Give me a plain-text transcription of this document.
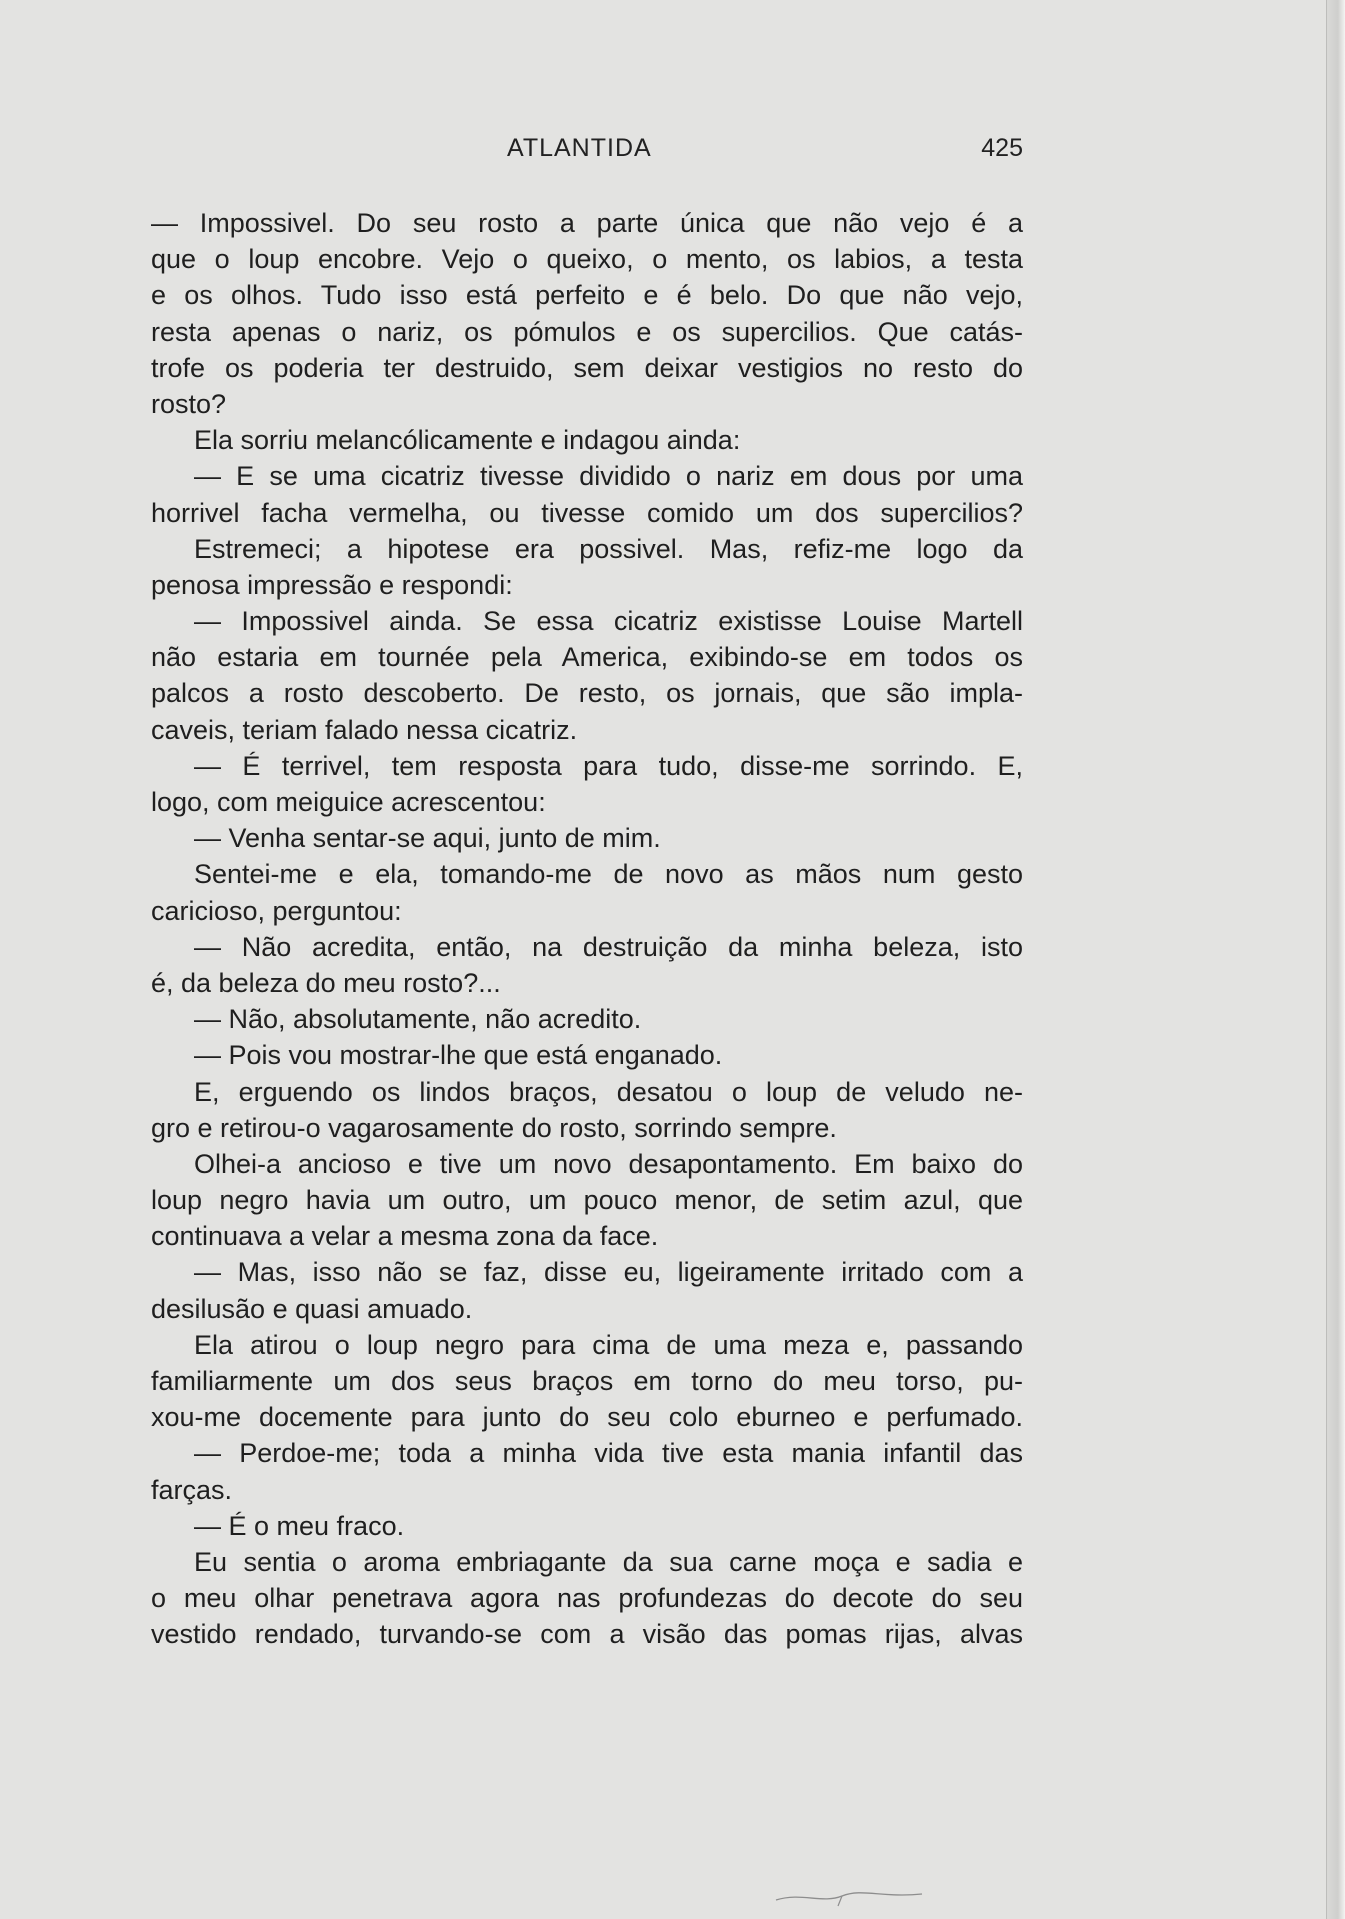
ATLANTIDA	425
— Impossivel. Do seu rosto a parte única que não vejo é a
que o loup encobre. Vejo o queixo, o mento, os labios, a testa
e os olhos. Tudo isso está perfeito e é belo. Do que não vejo,
resta apenas o nariz, os pómulos e os supercilios. Que catás-
trofe os poderia ter destruido, sem deixar vestigios no resto do
rosto?
Ela sorriu melancólicamente e indagou ainda:
— E se uma cicatriz tivesse dividido o nariz em dous por uma
horrivel facha vermelha, ou tivesse comido um dos supercilios?
Estremeci; a hipotese era possivel. Mas, refiz-me logo da
penosa impressão e respondi:
— Impossivel ainda. Se essa cicatriz existisse Louise Martell
não estaria em tournée pela America, exibindo-se em todos os
palcos a rosto descoberto. De resto, os jornais, que são impla-
caveis, teriam falado nessa cicatriz.
— É terrivel, tem resposta para tudo, disse-me sorrindo. E,
logo, com meiguice acrescentou:
— Venha sentar-se aqui, junto de mim.
Sentei-me e ela, tomando-me de novo as mãos num gesto
caricioso, perguntou:
— Não acredita, então, na destruição da minha beleza, isto
é, da beleza do meu rosto?...
— Não, absolutamente, não acredito.
— Pois vou mostrar-lhe que está enganado.
E, erguendo os lindos braços, desatou o loup de veludo ne-
gro e retirou-o vagarosamente do rosto, sorrindo sempre.
Olhei-a ancioso e tive um novo desapontamento. Em baixo do
loup negro havia um outro, um pouco menor, de setim azul, que
continuava a velar a mesma zona da face.
— Mas, isso não se faz, disse eu, ligeiramente irritado com a
desilusão e quasi amuado.
Ela atirou o loup negro para cima de uma meza e, passando
familiarmente um dos seus braços em torno do meu torso, pu-
xou-me docemente para junto do seu colo eburneo e perfumado.
— Perdoe-me; toda a minha vida tive esta mania infantil das
farças.
— É o meu fraco.
Eu sentia o aroma embriagante da sua carne moça e sadia e
o meu olhar penetrava agora nas profundezas do decote do seu
vestido rendado, turvando-se com a visão das pomas rijas, alvas
